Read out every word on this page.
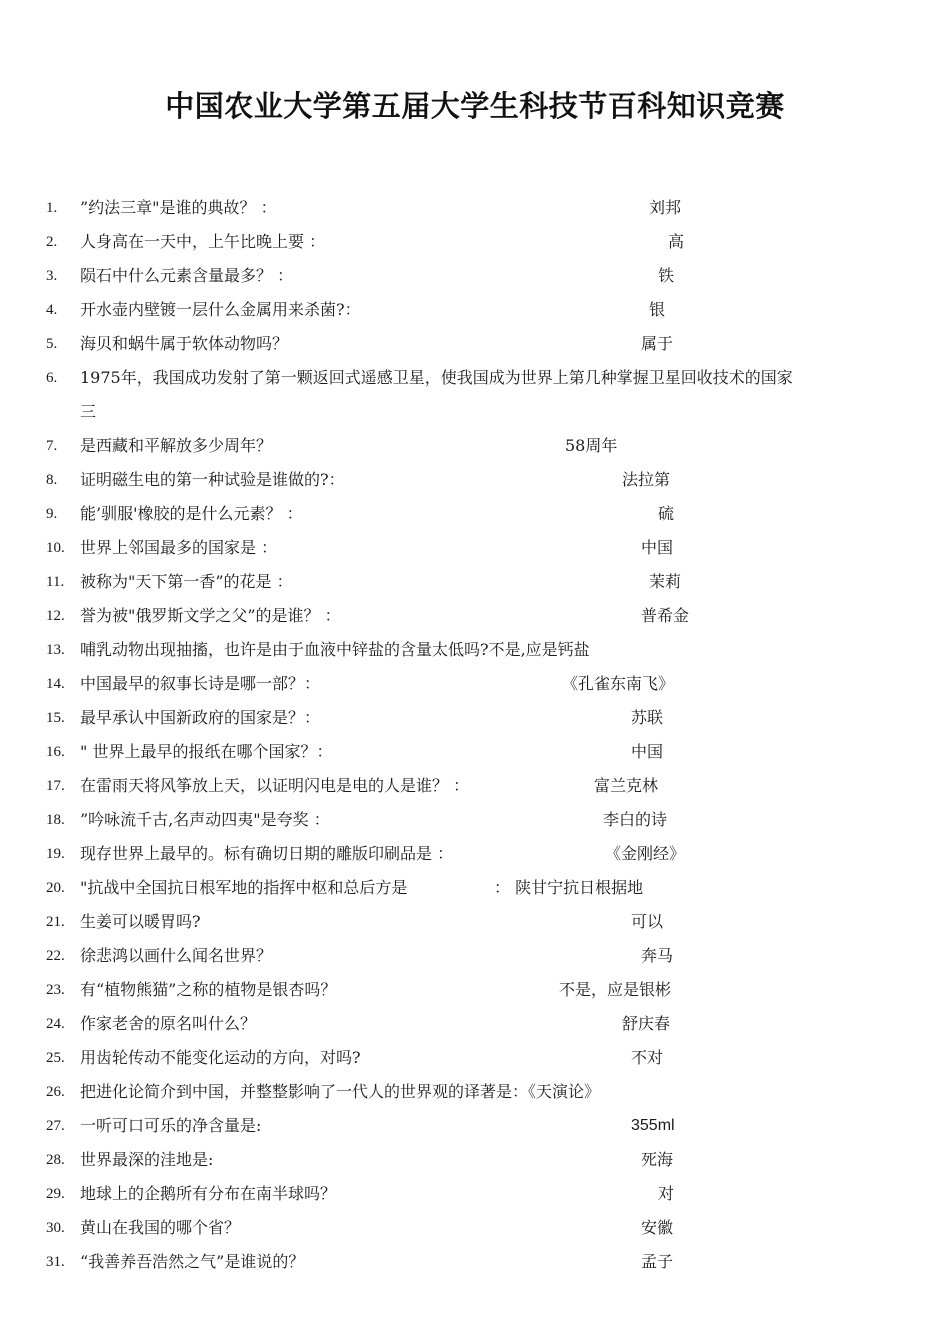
中国农业大学第五届大学生科技节百科知识竞赛
1. ”约法三章"是谁的典故？ ：	刘邦
2. 人身高在一天中，上午比晚上要 ：	高
3. 陨石中什么元素含量最多？ ：	铁
4. 开水壶内壁镀一层什么金属用来杀菌?：	银
5. 海贝和蜗牛属于软体动物吗？	属于
6. 1975年，我国成功发射了第一颗返回式遥感卫星，使我国成为世界上第几种掌握卫星回收技术的国家
三
7. 是西藏和平解放多少周年？	58周年
8. 证明磁生电的第一种试验是谁做的?：	法拉第
9. 能’驯服'橡胶的是什么元素？ ：	硫
10. 世界上邻国最多的国家是 ：	中国
11. 被称为"天下第一香”的花是 ：	茉莉
12. 誉为被"俄罗斯文学之父”的是谁？ ：	普希金
13. 哺乳动物出现抽搐，也许是由于血液中锌盐的含量太低吗?不是,应是钙盐
14. 中国最早的叙事长诗是哪一部？：	《孔雀东南飞》
15. 最早承认中国新政府的国家是？：	苏联
16. " 世界上最早的报纸在哪个国家？：	中国
17. 在雷雨天将风筝放上天，以证明闪电是电的人是谁？ ：	富兰克林
18. ”吟咏流千古,名声动四夷"是夸奖 ：	李白的诗
19. 现存世界上最早的。标有确切日期的雕版印刷品是 ：	《金刚经》
20. "抗战中全国抗日根军地的指挥中枢和总后方是	： 陕甘宁抗日根据地
21. 生姜可以暖胃吗?	可以
22. 徐悲鸿以画什么闻名世界？	奔马
23. 有“植物熊猫”之称的植物是银杏吗？	不是，应是银彬
24. 作家老舍的原名叫什么？	舒庆春
25. 用齿轮传动不能变化运动的方向，对吗?	不对
26. 把进化论简介到中国，并整整影响了一代人的世界观的译著是：《天演论》
27. 一听可口可乐的净含量是:	355ml
28. 世界最深的洼地是:	死海
29. 地球上的企鹅所有分布在南半球吗？	对
30. 黄山在我国的哪个省？	安徽
31. “我善养吾浩然之气”是谁说的？	孟子
